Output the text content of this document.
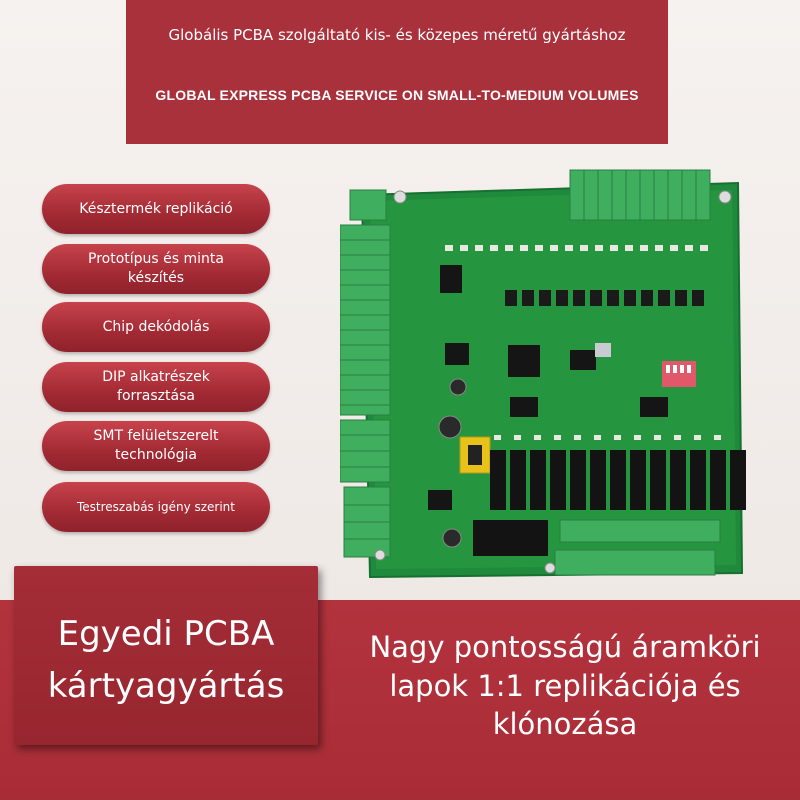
Globális PCBA szolgáltató kis- és közepes méretű gyártáshoz
GLOBAL EXPRESS PCBA SERVICE ON SMALL-TO-MEDIUM VOLUMES
Késztermék replikáció
Prototípus és minta készítés
Chip dekódolás
DIP alkatrészek forrasztása
SMT felületszerelt technológia
Testreszabás igény szerint
Egyedi PCBA kártyagyártás
Nagy pontosságú áramköri lapok 1:1 replikációja és klónozása
